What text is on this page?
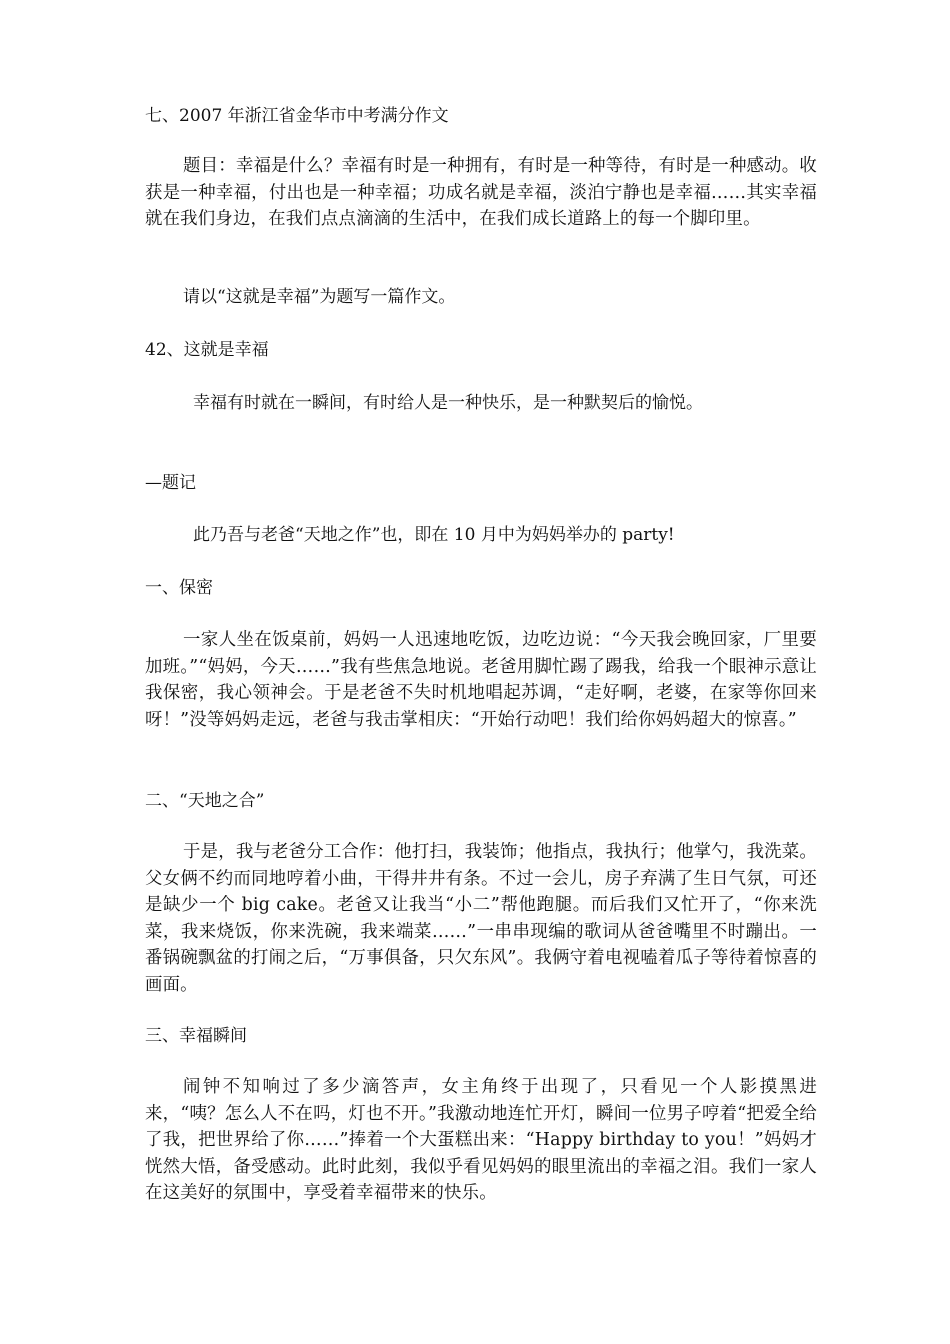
七、2007 年浙江省金华市中考满分作文
题目：幸福是什么？幸福有时是一种拥有，有时是一种等待，有时是一种感动。收获是一种幸福，付出也是一种幸福；功成名就是幸福，淡泊宁静也是幸福……其实幸福就在我们身边，在我们点点滴滴的生活中，在我们成长道路上的每一个脚印里。
请以“这就是幸福”为题写一篇作文。
42、这就是幸福
幸福有时就在一瞬间，有时给人是一种快乐，是一种默契后的愉悦。
—题记
此乃吾与老爸“天地之作”也，即在 10 月中为妈妈举办的 party!
一、保密
一家人坐在饭桌前，妈妈一人迅速地吃饭，边吃边说：“今天我会晚回家，厂里要加班。”“妈妈，今天……”我有些焦急地说。老爸用脚忙踢了踢我，给我一个眼神示意让我保密，我心领神会。于是老爸不失时机地唱起苏调，“走好啊，老婆，在家等你回来呀！”没等妈妈走远，老爸与我击掌相庆：“开始行动吧！我们给你妈妈超大的惊喜。”
二、“天地之合”
于是，我与老爸分工合作：他打扫，我装饰；他指点，我执行；他掌勺，我洗菜。父女俩不约而同地哼着小曲，干得井井有条。不过一会儿，房子弃满了生日气氛，可还是缺少一个 big cake。老爸又让我当“小二”帮他跑腿。而后我们又忙开了，“你来洗菜，我来烧饭，你来洗碗，我来端菜……”一串串现编的歌词从爸爸嘴里不时蹦出。一番锅碗飘盆的打闹之后，“万事俱备，只欠东风”。我俩守着电视嗑着瓜子等待着惊喜的画面。
三、幸福瞬间
闹钟不知响过了多少滴答声，女主角终于出现了，只看见一个人影摸黑进来，“咦？怎么人不在吗，灯也不开。”我激动地连忙开灯，瞬间一位男子哼着“把爱全给了我，把世界给了你……”捧着一个大蛋糕出来：“Happy birthday to you！”妈妈才恍然大悟，备受感动。此时此刻，我似乎看见妈妈的眼里流出的幸福之泪。我们一家人在这美好的氛围中，享受着幸福带来的快乐。
